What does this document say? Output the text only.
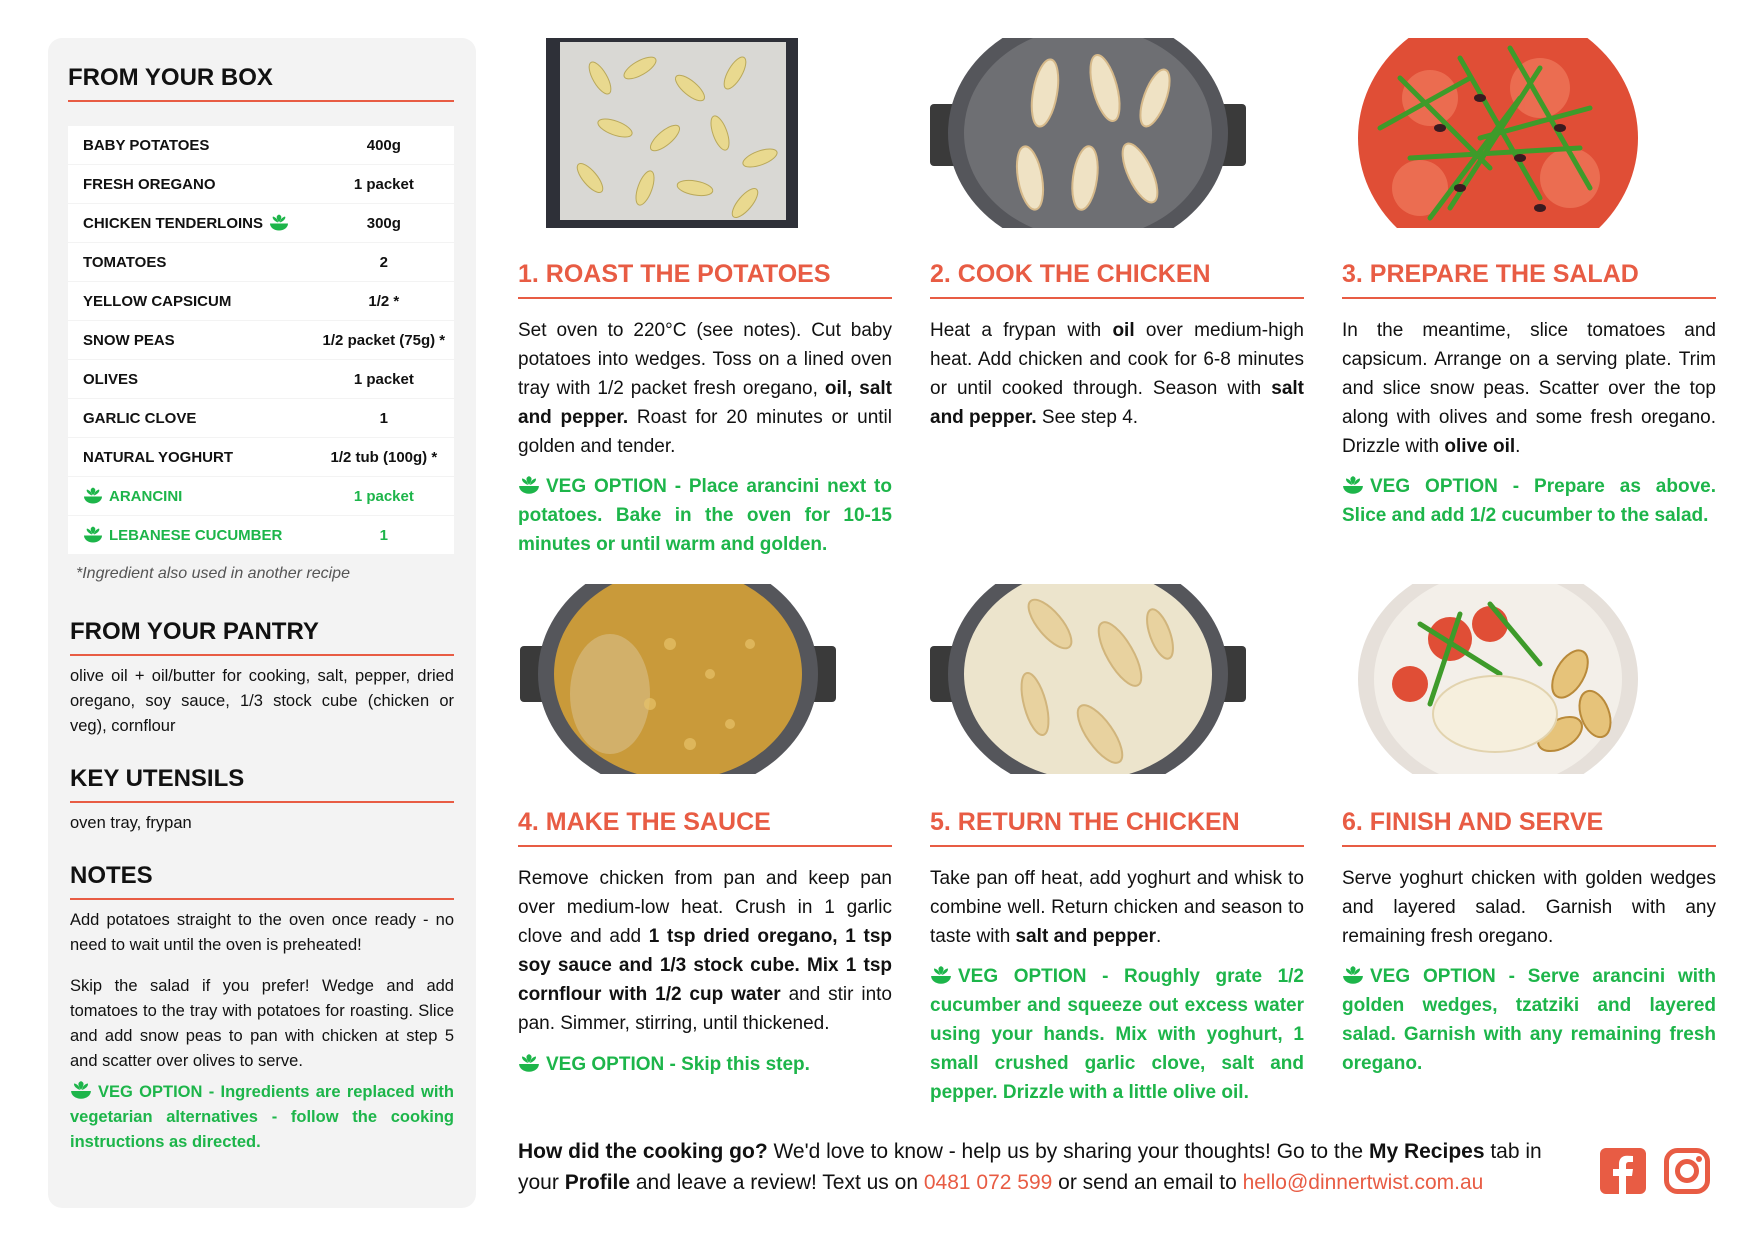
FROM YOUR BOX
BABY POTATOES	400g
FRESH OREGANO	1 packet
CHICKEN TENDERLOINS	300g
TOMATOES	2
YELLOW CAPSICUM	1/2 *
SNOW PEAS	1/2 packet (75g) *
OLIVES	1 packet
GARLIC CLOVE	1
NATURAL YOGHURT	1/2 tub (100g) *
ARANCINI	1 packet
LEBANESE CUCUMBER	1
*Ingredient also used in another recipe
FROM YOUR PANTRY

olive oil + oil/butter for cooking, salt, pepper, dried oregano, soy sauce, 1/3 stock cube (chicken or veg), cornflour

KEY UTENSILS

oven tray, frypan

NOTES

Add potatoes straight to the oven once ready - no need to wait until the oven is preheated!

Skip the salad if you prefer! Wedge and add tomatoes to the tray with potatoes for roasting. Slice and add snow peas to pan with chicken at step 5 and scatter over olives to serve.

VEG OPTION - Ingredients are replaced with vegetarian alternatives - follow the cooking instructions as directed.

1. ROAST THE POTATOES

Set oven to 220°C (see notes). Cut baby potatoes into wedges. Toss on a lined oven tray with 1/2 packet fresh oregano, oil, salt and pepper. Roast for 20 minutes or until golden and tender.

VEG OPTION - Place arancini next to potatoes. Bake in the oven for 10-15 minutes or until warm and golden.

2. COOK THE CHICKEN

Heat a frypan with oil over medium-high heat. Add chicken and cook for 6-8 minutes or until cooked through. Season with salt and pepper. See step 4.

3. PREPARE THE SALAD

In the meantime, slice tomatoes and capsicum. Arrange on a serving plate. Trim and slice snow peas. Scatter over the top along with olives and some fresh oregano. Drizzle with olive oil.

VEG OPTION - Prepare as above. Slice and add 1/2 cucumber to the salad.

4. MAKE THE SAUCE

Remove chicken from pan and keep pan over medium-low heat. Crush in 1 garlic clove and add 1 tsp dried oregano, 1 tsp soy sauce and 1/3 stock cube. Mix 1 tsp cornflour with 1/2 cup water and stir into pan. Simmer, stirring, until thickened.

VEG OPTION - Skip this step.

5. RETURN THE CHICKEN

Take pan off heat, add yoghurt and whisk to combine well. Return chicken and season to taste with salt and pepper.

VEG OPTION - Roughly grate 1/2 cucumber and squeeze out excess water using your hands. Mix with yoghurt, 1 small crushed garlic clove, salt and pepper. Drizzle with a little olive oil.

6. FINISH AND SERVE

Serve yoghurt chicken with golden wedges and layered salad. Garnish with any remaining fresh oregano.

VEG OPTION - Serve arancini with golden wedges, tzatziki and layered salad. Garnish with any remaining fresh oregano.

How did the cooking go? We'd love to know - help us by sharing your thoughts! Go to the My Recipes tab in your Profile and leave a review! Text us on 0481 072 599 or send an email to hello@dinnertwist.com.au
